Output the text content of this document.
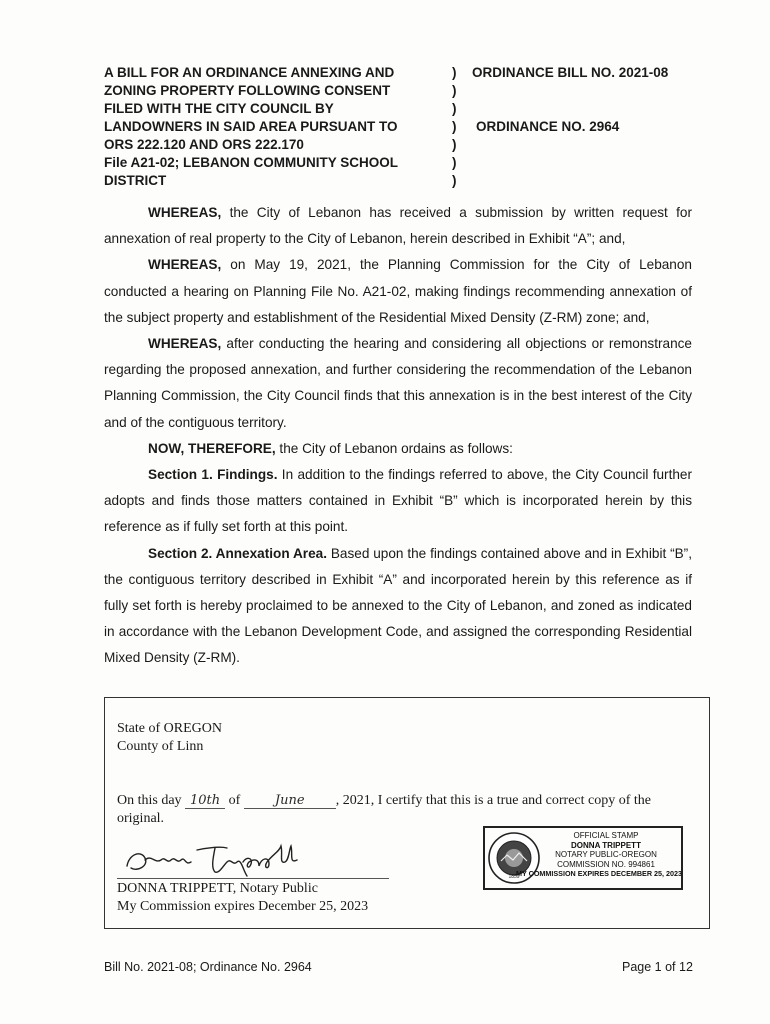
A BILL FOR AN ORDINANCE ANNEXING AND
ZONING PROPERTY FOLLOWING CONSENT
FILED WITH THE CITY COUNCIL BY
LANDOWNERS IN SAID AREA PURSUANT TO
ORS 222.120 AND ORS 222.170
File A21-02; LEBANON COMMUNITY SCHOOL
DISTRICT
)
)
)
)
)
)
)
ORDINANCE BILL NO. 2021-08
ORDINANCE NO. 2964

WHEREAS, the City of Lebanon has received a submission by written request for annexation of real property to the City of Lebanon, herein described in Exhibit “A”; and,

WHEREAS, on May 19, 2021, the Planning Commission for the City of Lebanon conducted a hearing on Planning File No. A21-02, making findings recommending annexation of the subject property and establishment of the Residential Mixed Density (Z-RM) zone; and,

WHEREAS, after conducting the hearing and considering all objections or remonstrance regarding the proposed annexation, and further considering the recommendation of the Lebanon Planning Commission, the City Council finds that this annexation is in the best interest of the City and of the contiguous territory.

NOW, THEREFORE, the City of Lebanon ordains as follows:

Section 1. Findings. In addition to the findings referred to above, the City Council further adopts and finds those matters contained in Exhibit “B” which is incorporated herein by this reference as if fully set forth at this point.

Section 2. Annexation Area. Based upon the findings contained above and in Exhibit “B”, the contiguous territory described in Exhibit “A” and incorporated herein by this reference as if fully set forth is hereby proclaimed to be annexed to the City of Lebanon, and zoned as indicated in accordance with the Lebanon Development Code, and assigned the corresponding Residential Mixed Density (Z-RM).

State of OREGON
County of Linn
On this day 10th of June , 2021, I certify that this is a true and correct copy of the original.
DONNA TRIPPETT, Notary Public
My Commission expires December 25, 2023
1859
OFFICIAL STAMP
DONNA TRIPPETT
NOTARY PUBLIC-OREGON
COMMISSION NO. 994861
MY COMMISSION EXPIRES DECEMBER 25, 2023
Bill No. 2021-08; Ordinance No. 2964	Page 1 of 12
